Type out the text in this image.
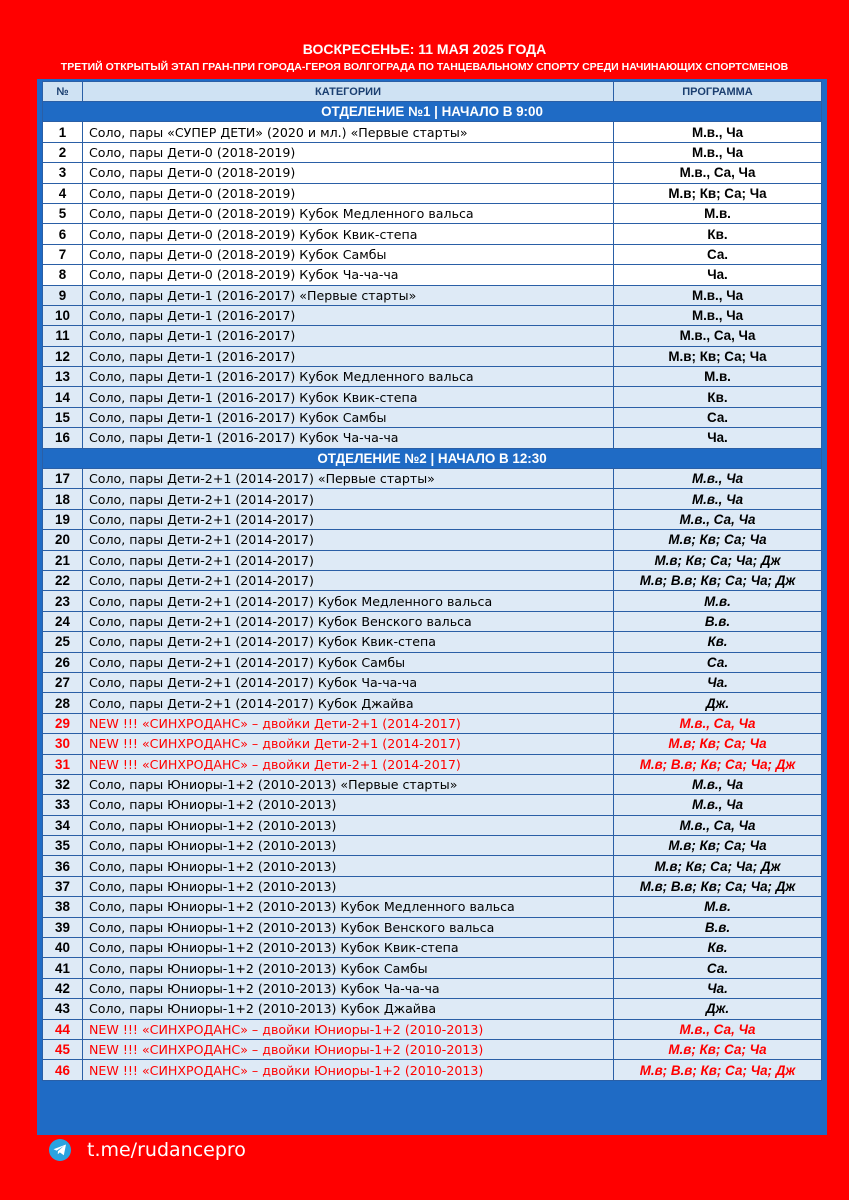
ВОСКРЕСЕНЬЕ: 11 МАЯ 2025 ГОДА
ТРЕТИЙ ОТКРЫТЫЙ ЭТАП ГРАН-ПРИ ГОРОДА-ГЕРОЯ ВОЛГОГРАДА ПО ТАНЦЕВАЛЬНОМУ СПОРТУ СРЕДИ НАЧИНАЮЩИХ СПОРТСМЕНОВ
№	КАТЕГОРИИ	ПРОГРАММА
ОТДЕЛЕНИЕ №1 | НАЧАЛО В 9:00		
1	Соло, пары «СУПЕР ДЕТИ» (2020 и мл.) «Первые старты»	М.в., Ча
2	Соло, пары Дети-0 (2018-2019)	М.в., Ча
3	Соло, пары Дети-0 (2018-2019)	М.в., Са, Ча
4	Соло, пары Дети-0 (2018-2019)	М.в; Кв; Са; Ча
5	Соло, пары Дети-0 (2018-2019) Кубок Медленного вальса	М.в.
6	Соло, пары Дети-0 (2018-2019) Кубок Квик-степа	Кв.
7	Соло, пары Дети-0 (2018-2019) Кубок Самбы	Са.
8	Соло, пары Дети-0 (2018-2019) Кубок Ча-ча-ча	Ча.
9	Соло, пары Дети-1 (2016-2017) «Первые старты»	М.в., Ча
10	Соло, пары Дети-1 (2016-2017)	М.в., Ча
11	Соло, пары Дети-1 (2016-2017)	М.в., Са, Ча
12	Соло, пары Дети-1 (2016-2017)	М.в; Кв; Са; Ча
13	Соло, пары Дети-1 (2016-2017) Кубок Медленного вальса	М.в.
14	Соло, пары Дети-1 (2016-2017) Кубок Квик-степа	Кв.
15	Соло, пары Дети-1 (2016-2017) Кубок Самбы	Са.
16	Соло, пары Дети-1 (2016-2017) Кубок Ча-ча-ча	Ча.
ОТДЕЛЕНИЕ №2 | НАЧАЛО В 12:30		
17	Соло, пары Дети-2+1 (2014-2017) «Первые старты»	М.в., Ча
18	Соло, пары Дети-2+1 (2014-2017)	М.в., Ча
19	Соло, пары Дети-2+1 (2014-2017)	М.в., Са, Ча
20	Соло, пары Дети-2+1 (2014-2017)	М.в; Кв; Са; Ча
21	Соло, пары Дети-2+1 (2014-2017)	М.в; Кв; Са; Ча; Дж
22	Соло, пары Дети-2+1 (2014-2017)	М.в; В.в; Кв; Са; Ча; Дж
23	Соло, пары Дети-2+1 (2014-2017) Кубок Медленного вальса	М.в.
24	Соло, пары Дети-2+1 (2014-2017) Кубок Венского вальса	В.в.
25	Соло, пары Дети-2+1 (2014-2017) Кубок Квик-степа	Кв.
26	Соло, пары Дети-2+1 (2014-2017) Кубок Самбы	Са.
27	Соло, пары Дети-2+1 (2014-2017) Кубок Ча-ча-ча	Ча.
28	Соло, пары Дети-2+1 (2014-2017) Кубок Джайва	Дж.
29	NEW !!! «СИНХРОДАНС» – двойки Дети-2+1 (2014-2017)	М.в., Са, Ча
30	NEW !!! «СИНХРОДАНС» – двойки Дети-2+1 (2014-2017)	М.в; Кв; Са; Ча
31	NEW !!! «СИНХРОДАНС» – двойки Дети-2+1 (2014-2017)	М.в; В.в; Кв; Са; Ча; Дж
32	Соло, пары Юниоры-1+2 (2010-2013) «Первые старты»	М.в., Ча
33	Соло, пары Юниоры-1+2 (2010-2013)	М.в., Ча
34	Соло, пары Юниоры-1+2 (2010-2013)	М.в., Са, Ча
35	Соло, пары Юниоры-1+2 (2010-2013)	М.в; Кв; Са; Ча
36	Соло, пары Юниоры-1+2 (2010-2013)	М.в; Кв; Са; Ча; Дж
37	Соло, пары Юниоры-1+2 (2010-2013)	М.в; В.в; Кв; Са; Ча; Дж
38	Соло, пары Юниоры-1+2 (2010-2013) Кубок Медленного вальса	М.в.
39	Соло, пары Юниоры-1+2 (2010-2013) Кубок Венского вальса	В.в.
40	Соло, пары Юниоры-1+2 (2010-2013) Кубок Квик-степа	Кв.
41	Соло, пары Юниоры-1+2 (2010-2013) Кубок Самбы	Са.
42	Соло, пары Юниоры-1+2 (2010-2013) Кубок Ча-ча-ча	Ча.
43	Соло, пары Юниоры-1+2 (2010-2013) Кубок Джайва	Дж.
44	NEW !!! «СИНХРОДАНС» – двойки Юниоры-1+2 (2010-2013)	М.в., Са, Ча
45	NEW !!! «СИНХРОДАНС» – двойки Юниоры-1+2 (2010-2013)	М.в; Кв; Са; Ча
46	NEW !!! «СИНХРОДАНС» – двойки Юниоры-1+2 (2010-2013)	М.в; В.в; Кв; Са; Ча; Дж
t.me/rudancepro
